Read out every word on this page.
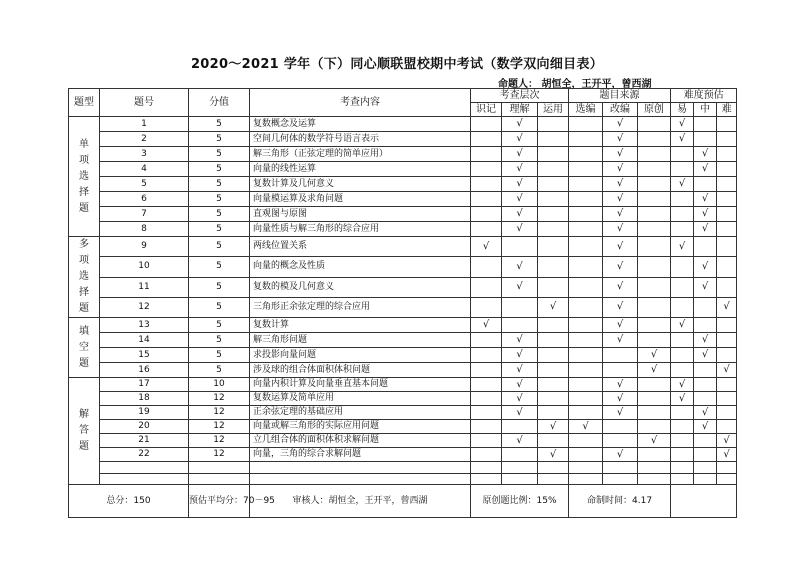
2020～2021 学年（下）同心顺联盟校期中考试（数学双向细目表）
命题人： 胡恒全，王开平，曾西湖
题型	题号	分值	考查内容	考查层次			题目来源			难度预估		
				识记	理解	运用	选编	改编	原创	易	中	难
单项选择题	1	5	复数概念及运算		√			√		√		
	2	5	空间几何体的数学符号语言表示		√			√		√		
	3	5	解三角形（正弦定理的简单应用）		√			√			√	
	4	5	向量的线性运算		√			√			√	
	5	5	复数计算及几何意义		√			√		√		
	6	5	向量模运算及求角问题		√			√			√	
	7	5	直观图与原图		√			√			√	
	8	5	向量性质与解三角形的综合应用		√			√			√	
多项选择题	9	5	两线位置关系	√				√		√		
	10	5	向量的概念及性质		√			√			√	
	11	5	复数的模及几何意义		√			√			√	
	12	5	三角形正余弦定理的综合应用			√		√				√
填空题	13	5	复数计算	√				√		√		
	14	5	解三角形问题		√			√			√	
	15	5	求投影向量问题		√				√		√	
	16	5	涉及球的组合体面积体积问题		√				√			√
解答题	17	10	向量内积计算及向量垂直基本问题		√			√		√		
	18	12	复数运算及简单应用		√			√		√		
	19	12	正余弦定理的基础应用		√			√			√	
	20	12	向量或解三角形的实际应用问题			√	√				√	
	21	12	立几组合体的面积体积求解问题		√				√			√
	22	12	向量，三角的综合求解问题			√		√				√

总分：150		预估平均分：70－95	审核人：胡恒全，王开平，曾西湖	原创题比例：15%			命制时间：4.17					
